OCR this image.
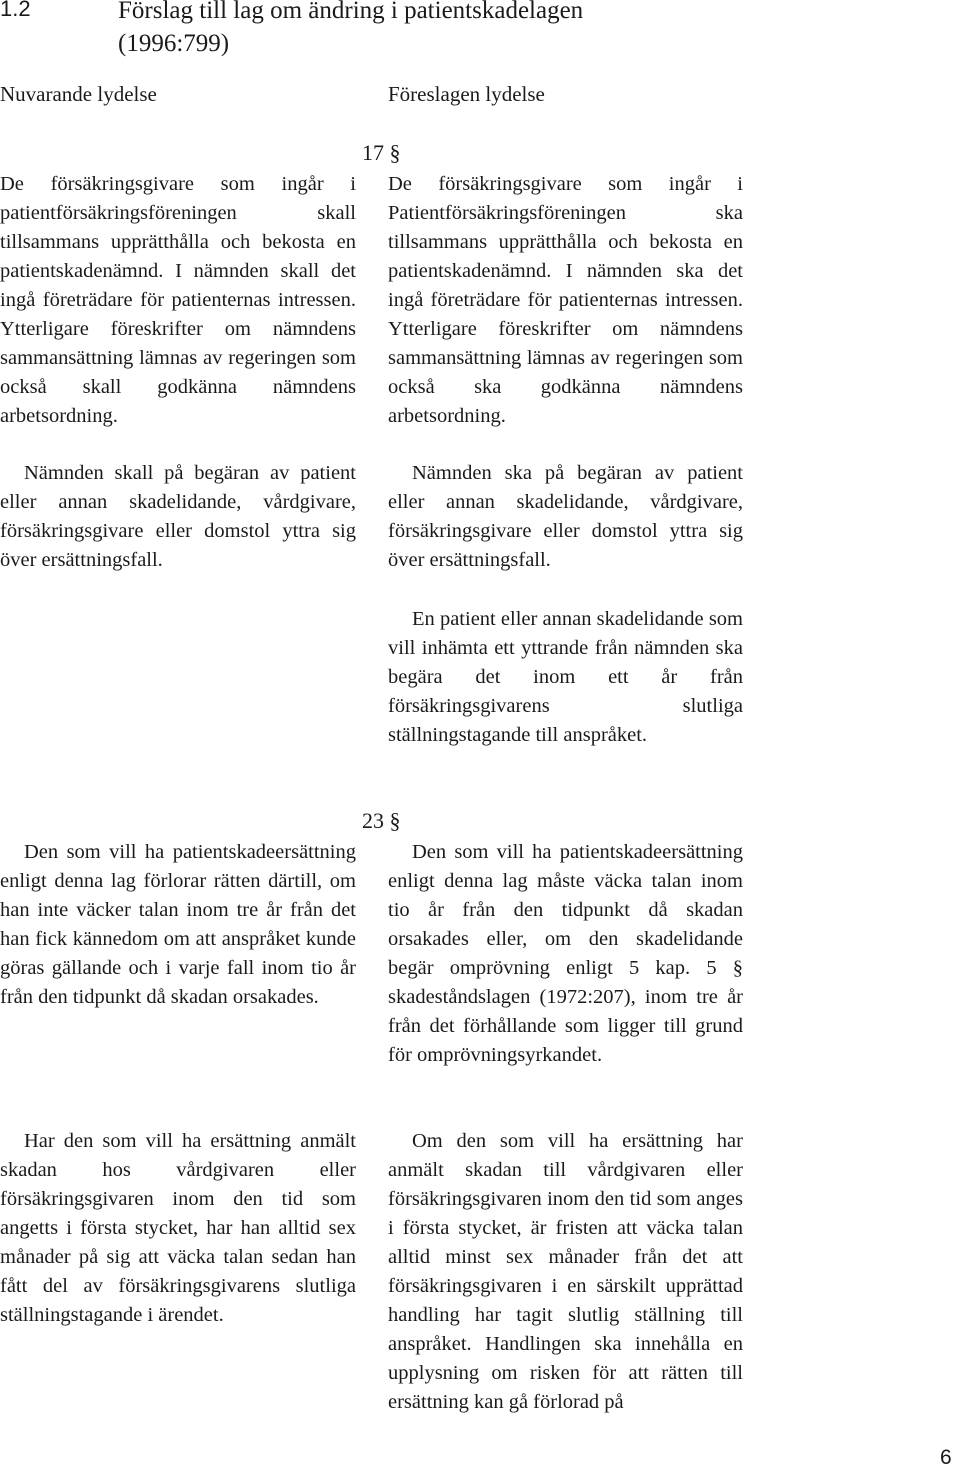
1.2	Förslag till lag om ändring i patientskadelagen (1996:799)
Nuvarande lydelse	Föreslagen lydelse
17 §
De försäkringsgivare som ingår i patientförsäkringsföreningen skall tillsammans upprätthålla och bekosta en patientskadenämnd. I nämnden skall det ingå företrädare för patienternas intressen. Ytterligare föreskrifter om nämndens sammansättning lämnas av regeringen som också skall godkänna nämndens arbetsordning.
Nämnden skall på begäran av patient eller annan skadelidande, vårdgivare, försäkringsgivare eller domstol yttra sig över ersättningsfall.
De försäkringsgivare som ingår i Patientförsäkringsföreningen ska tillsammans upprätthålla och bekosta en patientskadenämnd. I nämnden ska det ingå företrädare för patienternas intressen. Ytterligare föreskrifter om nämndens sammansättning lämnas av regeringen som också ska godkänna nämndens arbetsordning.
Nämnden ska på begäran av patient eller annan skadelidande, vårdgivare, försäkringsgivare eller domstol yttra sig över ersättningsfall.
En patient eller annan skadelidande som vill inhämta ett yttrande från nämnden ska begära det inom ett år från försäkringsgivarens slutliga ställningstagande till anspråket.
23 §
Den som vill ha patientskadeersättning enligt denna lag förlorar rätten därtill, om han inte väcker talan inom tre år från det han fick kännedom om att anspråket kunde göras gällande och i varje fall inom tio år från den tidpunkt då skadan orsakades.
Har den som vill ha ersättning anmält skadan hos vårdgivaren eller försäkringsgivaren inom den tid som angetts i första stycket, har han alltid sex månader på sig att väcka talan sedan han fått del av försäkringsgivarens slutliga ställningstagande i ärendet.
Den som vill ha patientskadeersättning enligt denna lag måste väcka talan inom tio år från den tidpunkt då skadan orsakades eller, om den skadelidande begär omprövning enligt 5 kap. 5 § skadeståndslagen (1972:207), inom tre år från det förhållande som ligger till grund för omprövningsyrkandet.
Om den som vill ha ersättning har anmält skadan till vårdgivaren eller försäkringsgivaren inom den tid som anges i första stycket, är fristen att väcka talan alltid minst sex månader från det att försäkringsgivaren i en särskilt upprättad handling har tagit slutlig ställning till anspråket. Handlingen ska innehålla en upplysning om risken för att rätten till ersättning kan gå förlorad på
6
